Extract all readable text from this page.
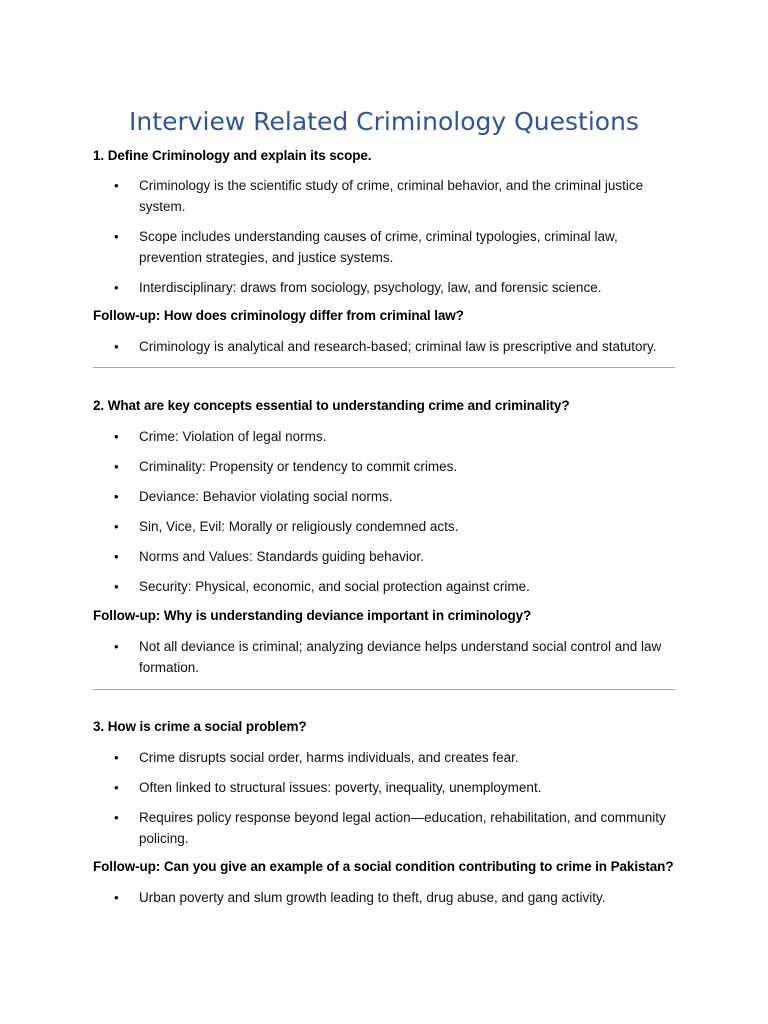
Interview Related Criminology Questions

1. Define Criminology and explain its scope.

• Criminology is the scientific study of crime, criminal behavior, and the criminal justice system.
• Scope includes understanding causes of crime, criminal typologies, criminal law, prevention strategies, and justice systems.
• Interdisciplinary: draws from sociology, psychology, law, and forensic science.

Follow-up: How does criminology differ from criminal law?

• Criminology is analytical and research-based; criminal law is prescriptive and statutory.

2. What are key concepts essential to understanding crime and criminality?

• Crime: Violation of legal norms.
• Criminality: Propensity or tendency to commit crimes.
• Deviance: Behavior violating social norms.
• Sin, Vice, Evil: Morally or religiously condemned acts.
• Norms and Values: Standards guiding behavior.
• Security: Physical, economic, and social protection against crime.

Follow-up: Why is understanding deviance important in criminology?

• Not all deviance is criminal; analyzing deviance helps understand social control and law formation.

3. How is crime a social problem?

• Crime disrupts social order, harms individuals, and creates fear.
• Often linked to structural issues: poverty, inequality, unemployment.
• Requires policy response beyond legal action—education, rehabilitation, and community policing.

Follow-up: Can you give an example of a social condition contributing to crime in Pakistan?

• Urban poverty and slum growth leading to theft, drug abuse, and gang activity.
